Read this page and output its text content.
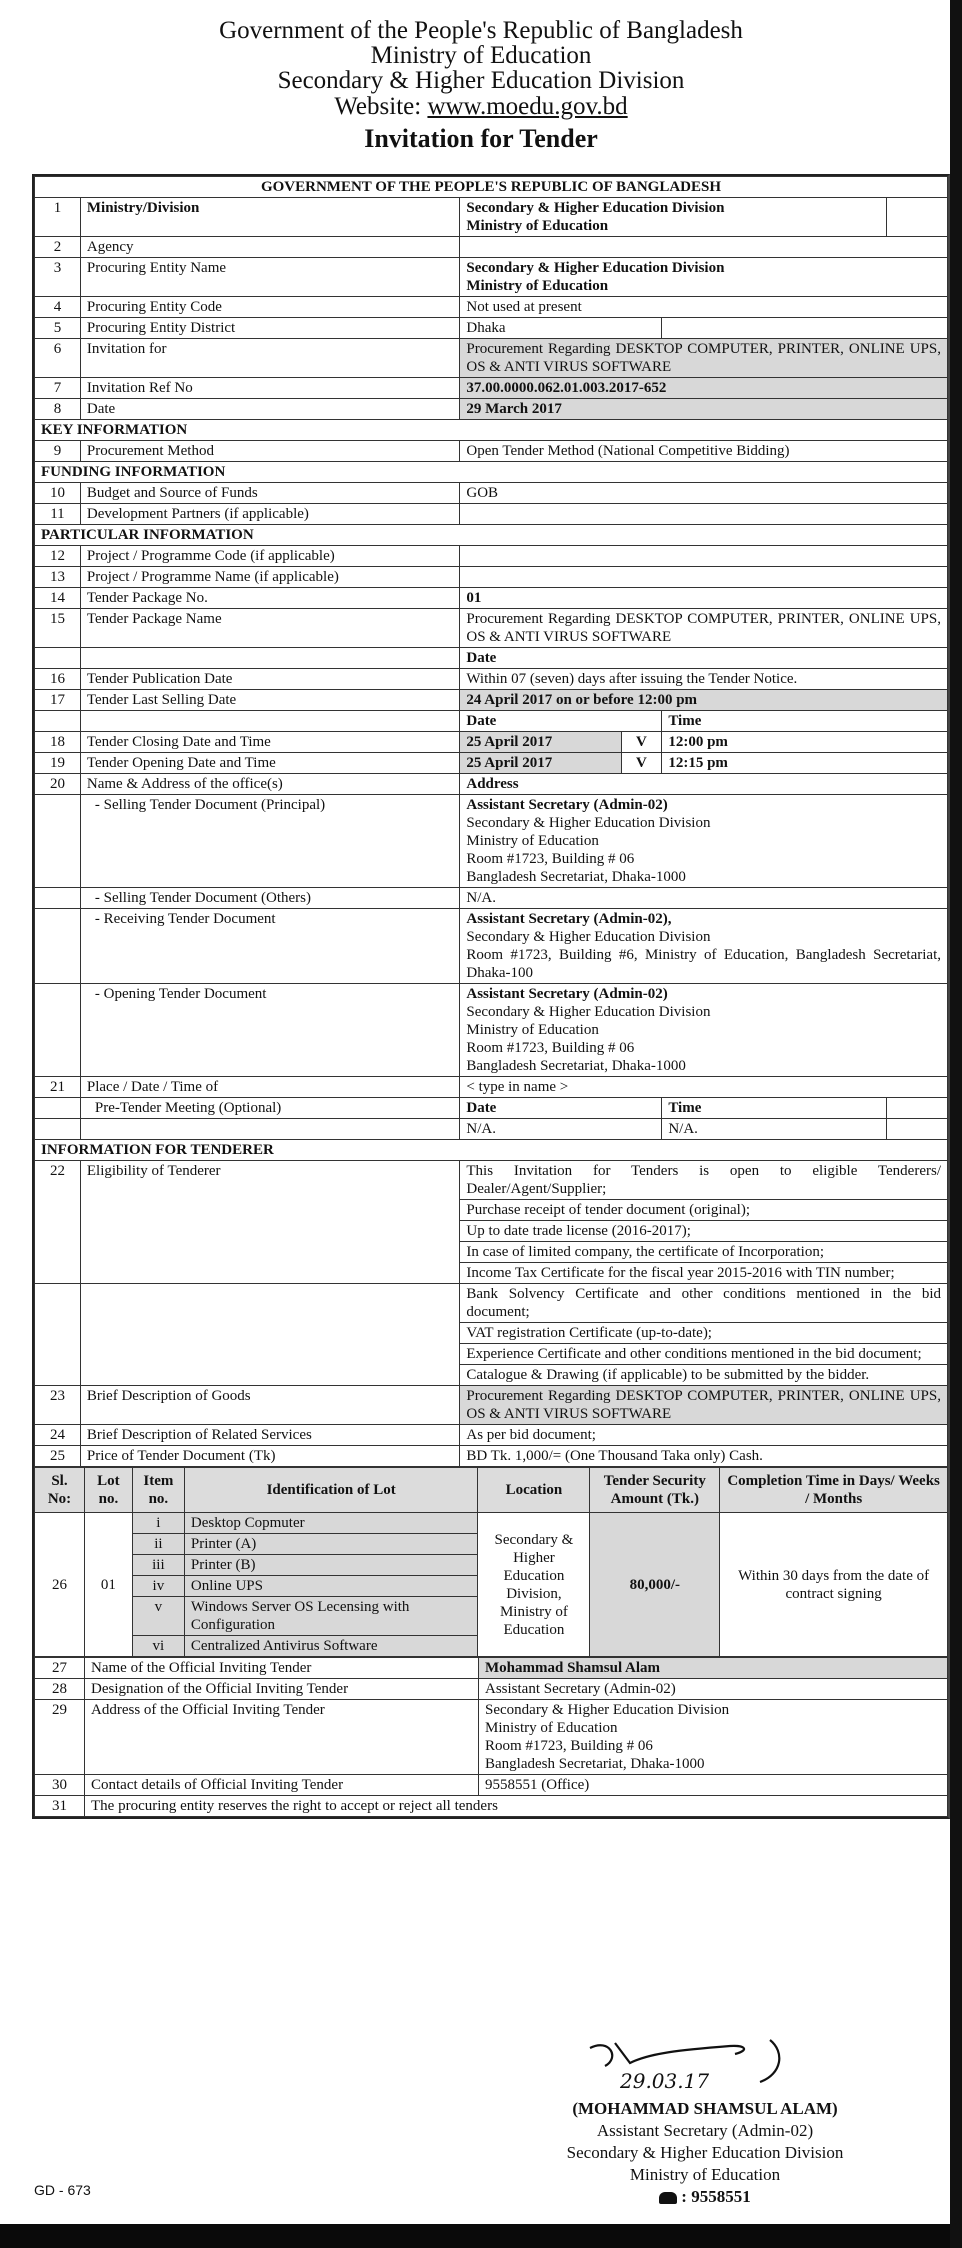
Government of the People's Republic of Bangladesh
Ministry of Education
Secondary & Higher Education Division
Website: www.moedu.gov.bd
Invitation for Tender
GOVERNMENT OF THE PEOPLE'S REPUBLIC OF BANGLADESH					
1	Ministry/Division	Secondary & Higher Education Division
Ministry of Education			

2	Agency				
3	Procuring Entity Name	Secondary & Higher Education Division
Ministry of Education			

4	Procuring Entity Code	Not used at present			
5	Procuring Entity District	Dhaka			
6	Invitation for	Procurement Regarding DESKTOP COMPUTER, PRINTER, ONLINE UPS, OS & ANTI VIRUS SOFTWARE			
7	Invitation Ref No	37.00.0000.062.01.003.2017-652			
8	Date	29 March 2017			
KEY INFORMATION					
9	Procurement Method	Open Tender Method (National Competitive Bidding)			
FUNDING INFORMATION					
10	Budget and Source of Funds	GOB			
11	Development Partners (if applicable)				
PARTICULAR INFORMATION					
12	Project / Programme Code (if applicable)				
13	Project / Programme Name (if applicable)				
14	Tender Package No.	01			
15	Tender Package Name	Procurement Regarding DESKTOP COMPUTER, PRINTER, ONLINE UPS, OS & ANTI VIRUS SOFTWARE			
		Date			
16	Tender Publication Date	Within 07 (seven) days after issuing the Tender Notice.			
17	Tender Last Selling Date	24 April 2017 on or before 12:00 pm			
		Date		Time	
18	Tender Closing Date and Time	25 April 2017	V	12:00 pm	
19	Tender Opening Date and Time	25 April 2017	V	12:15 pm	
20	Name & Address of the office(s)	Address			
	- Selling Tender Document (Principal)	Assistant Secretary (Admin-02)
Secondary & Higher Education Division
Ministry of Education
Room #1723, Building # 06
Bangladesh Secretariat, Dhaka-1000			

	- Selling Tender Document (Others)	N/A.			
	- Receiving Tender Document	Assistant Secretary (Admin-02),
Secondary & Higher Education Division
Room #1723, Building #6, Ministry of Education, Bangladesh Secretariat, Dhaka-100			

	- Opening Tender Document	Assistant Secretary (Admin-02)
Secondary & Higher Education Division
Ministry of Education
Room #1723, Building # 06
Bangladesh Secretariat, Dhaka-1000			

21	Place / Date / Time of	< type in name >			
	Pre-Tender Meeting (Optional)	Date		Time	
		N/A.		N/A.	
INFORMATION FOR TENDERER					
22	Eligibility of Tenderer	This Invitation for Tenders is open to eligible Tenderers/ Dealer/Agent/Supplier;			
		Purchase receipt of tender document (original);			
		Up to date trade license (2016-2017);			
		In case of limited company, the certificate of Incorporation;			
		Income Tax Certificate for the fiscal year 2015-2016 with TIN number;			
		Bank Solvency Certificate and other conditions mentioned in the bid document;			
		VAT registration Certificate (up-to-date);			
		Experience Certificate and other conditions mentioned in the bid document;			
		Catalogue & Drawing (if applicable) to be submitted by the bidder.			
23	Brief Description of Goods	Procurement Regarding DESKTOP COMPUTER, PRINTER, ONLINE UPS, OS & ANTI VIRUS SOFTWARE			
24	Brief Description of Related Services	As per bid document;			
25	Price of Tender Document (Tk)	BD Tk. 1,000/= (One Thousand Taka only) Cash.			
Sl. No:	Lot no.	Item no.	Identification of Lot	Location	Tender Security Amount (Tk.)	Completion Time in Days/ Weeks / Months
26	01	i	Desktop Copmuter	Secondary & Higher Education Division, Ministry of Education	80,000/-	Within 30 days from the date of contract signing
		ii	Printer (A)			
		iii	Printer (B)			
		iv	Online UPS			
		v	Windows Server OS Lecensing with Configuration			
		vi	Centralized Antivirus Software			
27	Name of the Official Inviting Tender	Mohammad Shamsul Alam
28	Designation of the Official Inviting Tender	Assistant Secretary (Admin-02)
29	Address of the Official Inviting Tender	Secondary & Higher Education Division
Ministry of Education
Room #1723, Building # 06
Bangladesh Secretariat, Dhaka-1000

30	Contact details of Official Inviting Tender	9558551 (Office)
31	The procuring entity reserves the right to accept or reject all tenders	
29.03.17
(MOHAMMAD SHAMSUL ALAM)
Assistant Secretary (Admin-02)
Secondary & Higher Education Division
Ministry of Education
: 9558551
GD - 673
